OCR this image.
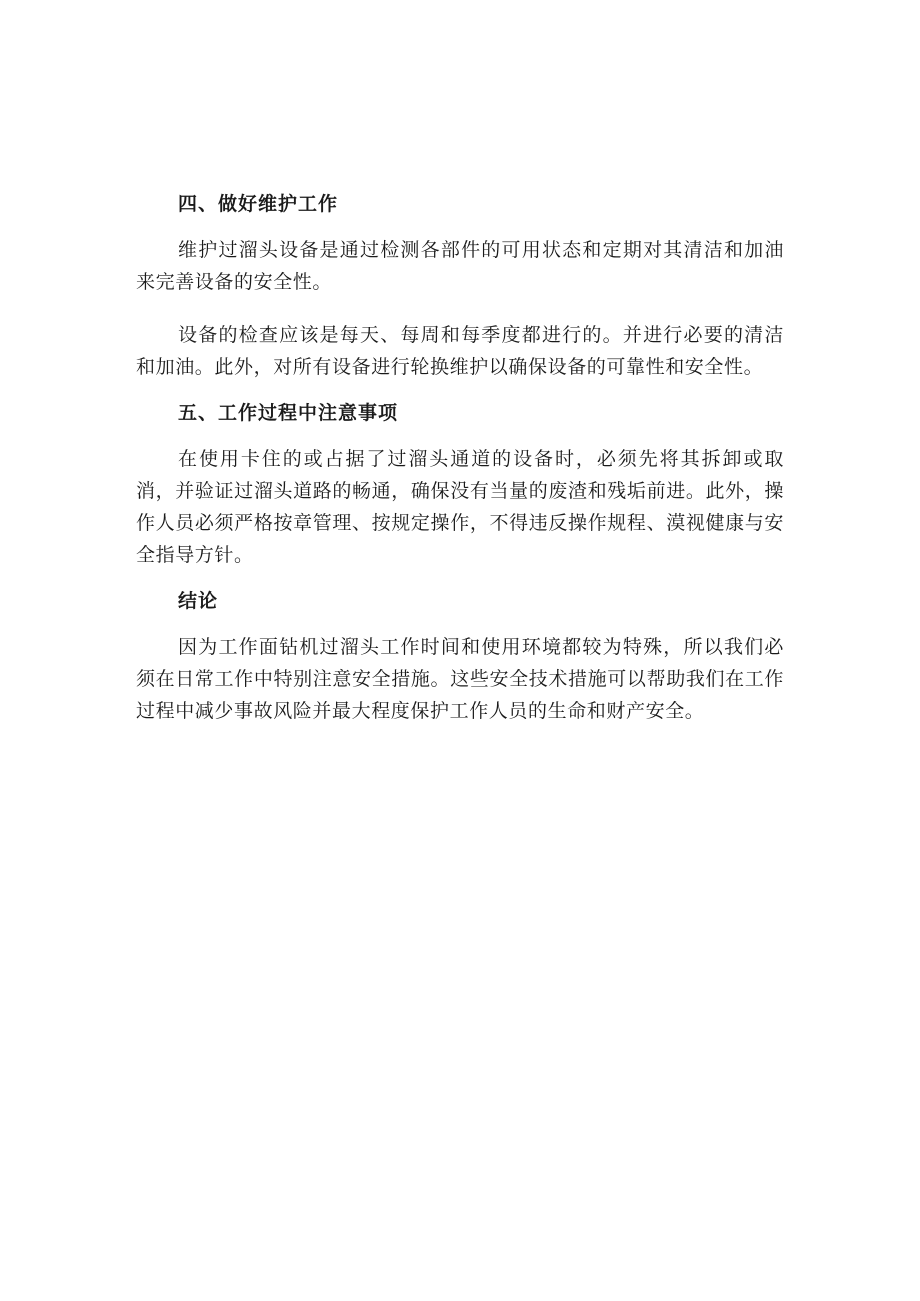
四、做好维护工作

维护过溜头设备是通过检测各部件的可用状态和定期对其清洁和加油来完善设备的安全性。

设备的检查应该是每天、每周和每季度都进行的。并进行必要的清洁和加油。此外，对所有设备进行轮换维护以确保设备的可靠性和安全性。

五、工作过程中注意事项

在使用卡住的或占据了过溜头通道的设备时，必须先将其拆卸或取消，并验证过溜头道路的畅通，确保没有当量的废渣和残垢前进。此外，操作人员必须严格按章管理、按规定操作，不得违反操作规程、漠视健康与安全指导方针。

结论

因为工作面钻机过溜头工作时间和使用环境都较为特殊，所以我们必须在日常工作中特别注意安全措施。这些安全技术措施可以帮助我们在工作过程中减少事故风险并最大程度保护工作人员的生命和财产安全。
